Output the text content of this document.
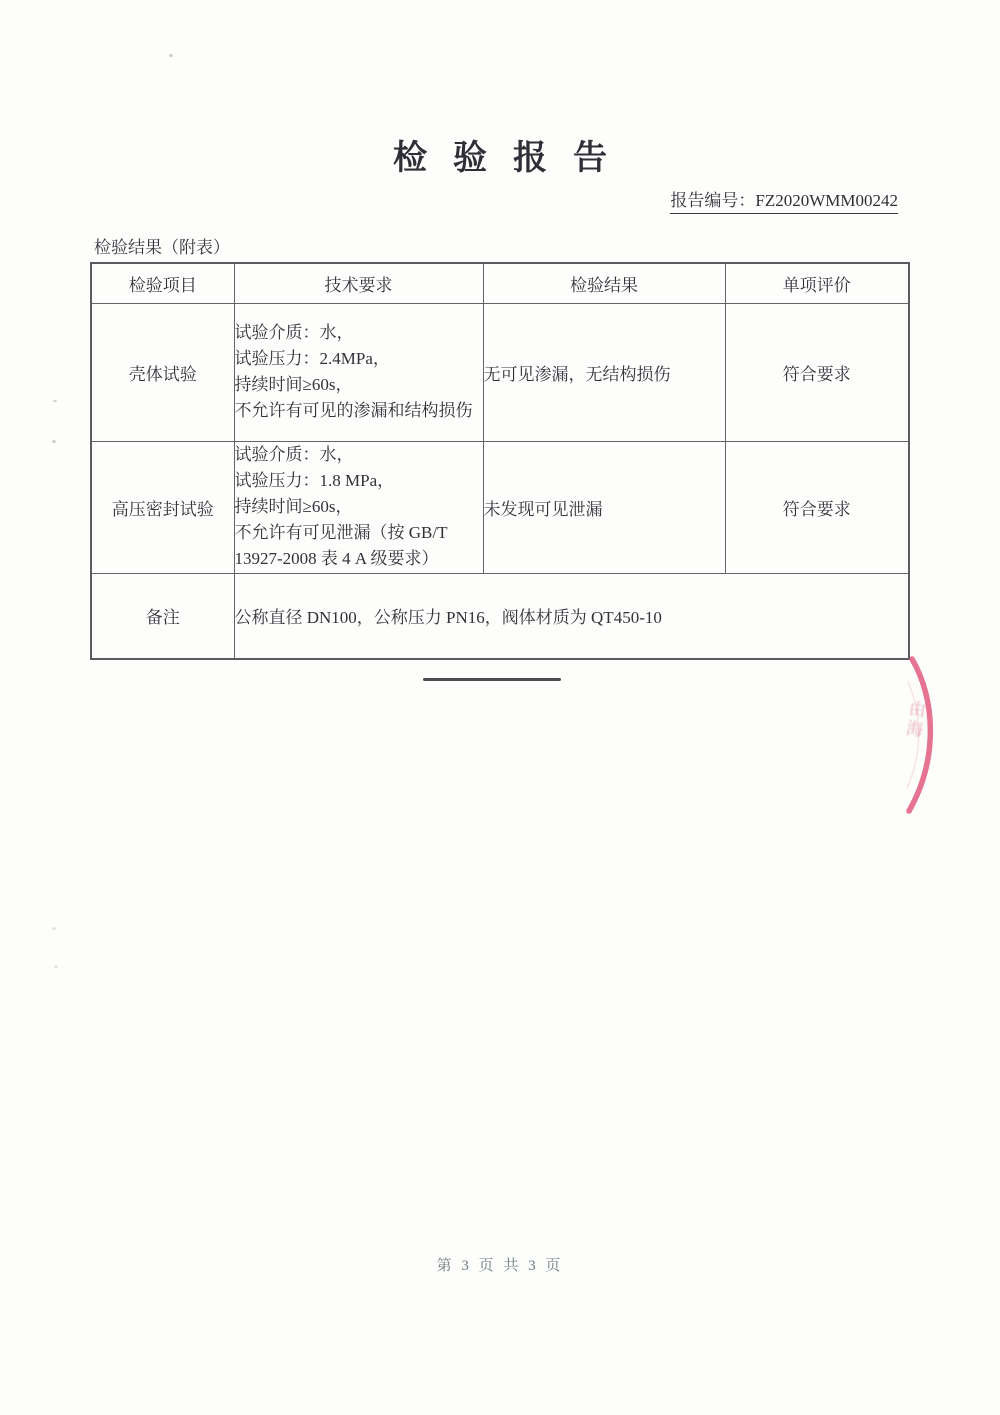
检验报告
报告编号：FZ2020WMM00242
检验结果（附表）
检验项目	技术要求	检验结果	单项评价
壳体试验	试验介质：水，
试验压力：2.4MPa，
持续时间≥60s，
不允许有可见的渗漏和结构损伤	无可见渗漏，无结构损伤	符合要求
高压密封试验	试验介质：水，
试验压力：1.8 MPa，
持续时间≥60s，
不允许有可见泄漏（按 GB/T
13927-2008 表 4 A 级要求）	未发现可见泄漏	符合要求
备注	公称直径 DN100，公称压力 PN16，阀体材质为 QT450-10		
由海
第 3 页 共 3 页
